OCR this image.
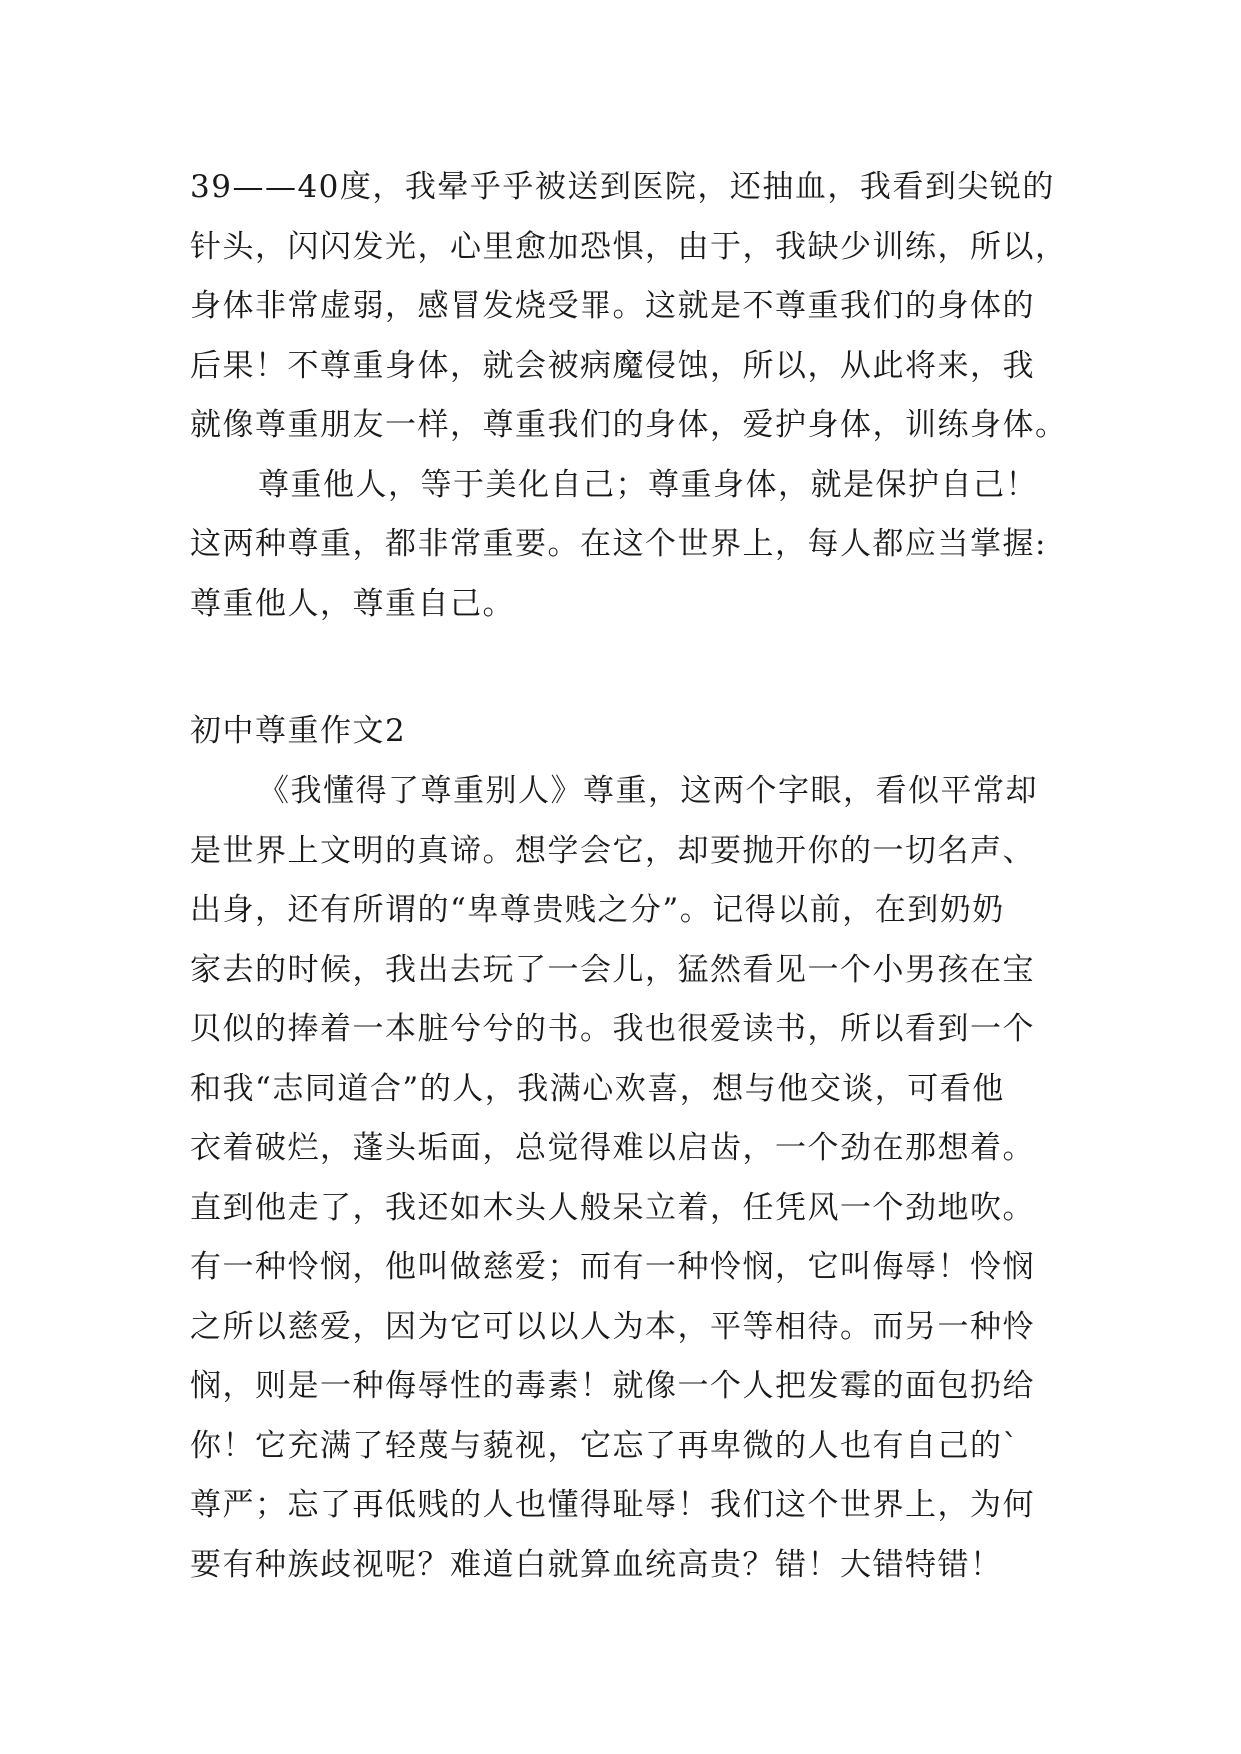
39——40度，我晕乎乎被送到医院，还抽血，我看到尖锐的
针头，闪闪发光，心里愈加恐惧，由于，我缺少训练，所以，
身体非常虚弱，感冒发烧受罪。这就是不尊重我们的身体的
后果！不尊重身体，就会被病魔侵蚀，所以，从此将来，我
就像尊重朋友一样，尊重我们的身体，爱护身体，训练身体。
尊重他人，等于美化自己；尊重身体，就是保护自己！
这两种尊重，都非常重要。在这个世界上，每人都应当掌握:
尊重他人，尊重自己。
初中尊重作文2
《我懂得了尊重别人》尊重，这两个字眼，看似平常却
是世界上文明的真谛。想学会它，却要抛开你的一切名声、
出身，还有所谓的“卑尊贵贱之分”。记得以前，在到奶奶
家去的时候，我出去玩了一会儿，猛然看见一个小男孩在宝
贝似的捧着一本脏兮兮的书。我也很爱读书，所以看到一个
和我“志同道合”的人，我满心欢喜，想与他交谈，可看他
衣着破烂，蓬头垢面，总觉得难以启齿，一个劲在那想着。
直到他走了，我还如木头人般呆立着，任凭风一个劲地吹。
有一种怜悯，他叫做慈爱；而有一种怜悯，它叫侮辱！怜悯
之所以慈爱，因为它可以以人为本，平等相待。而另一种怜
悯，则是一种侮辱性的毒素！就像一个人把发霉的面包扔给
你！它充满了轻蔑与藐视，它忘了再卑微的人也有自己的`
尊严；忘了再低贱的人也懂得耻辱！我们这个世界上，为何
要有种族歧视呢？难道白就算血统高贵？错！大错特错！
